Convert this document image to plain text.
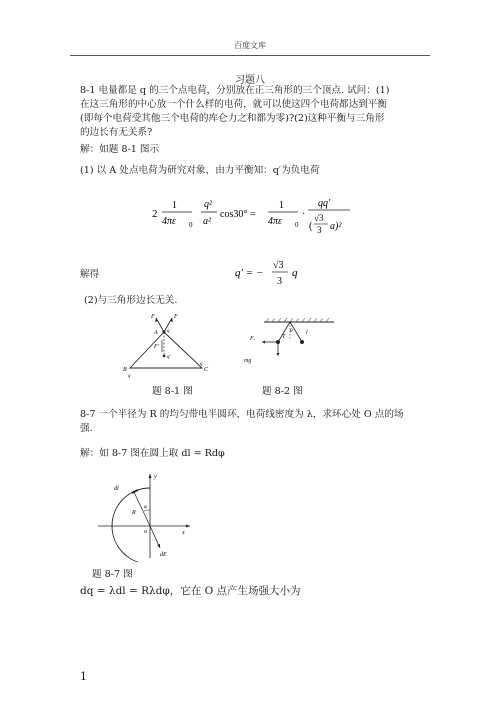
百度文库
习题八
8-1 电量都是 q 的三个点电荷，分别放在正三角形的三个顶点. 试问：(1)
在这三角形的中心放一个什么样的电荷，就可以使这四个电荷都达到平衡
(即每个电荷受其他三个电荷的库仑力之和都为零)?(2)这种平衡与三角形
的边长有无关系?
解：如题 8-1 图示
(1) 以 A 处点电荷为研究对象，由力平衡知：q′为负电荷
2
1
4πε 0
q²
a²
cos30° =
1
4πε 0
·
qq′
(
√3
3 a)²
解得	q′ = −
√3
3
q
(2)与三角形边长无关.
F	F
A q
F′
q′
B
q
C
q
Fₑ	T
θ l
mg
题 8-1 图	题 8-2 图
8-7 一个半径为 R 的均匀带电半圆环，电荷线密度为 λ，求环心处 O 点的场
强.
解：如 8-7 图在圆上取 dl = Rdφ
y
x
dl
R
φ
o
dE
题 8-7 图
dq = λdl = Rλdφ，它在 O 点产生场强大小为
1
